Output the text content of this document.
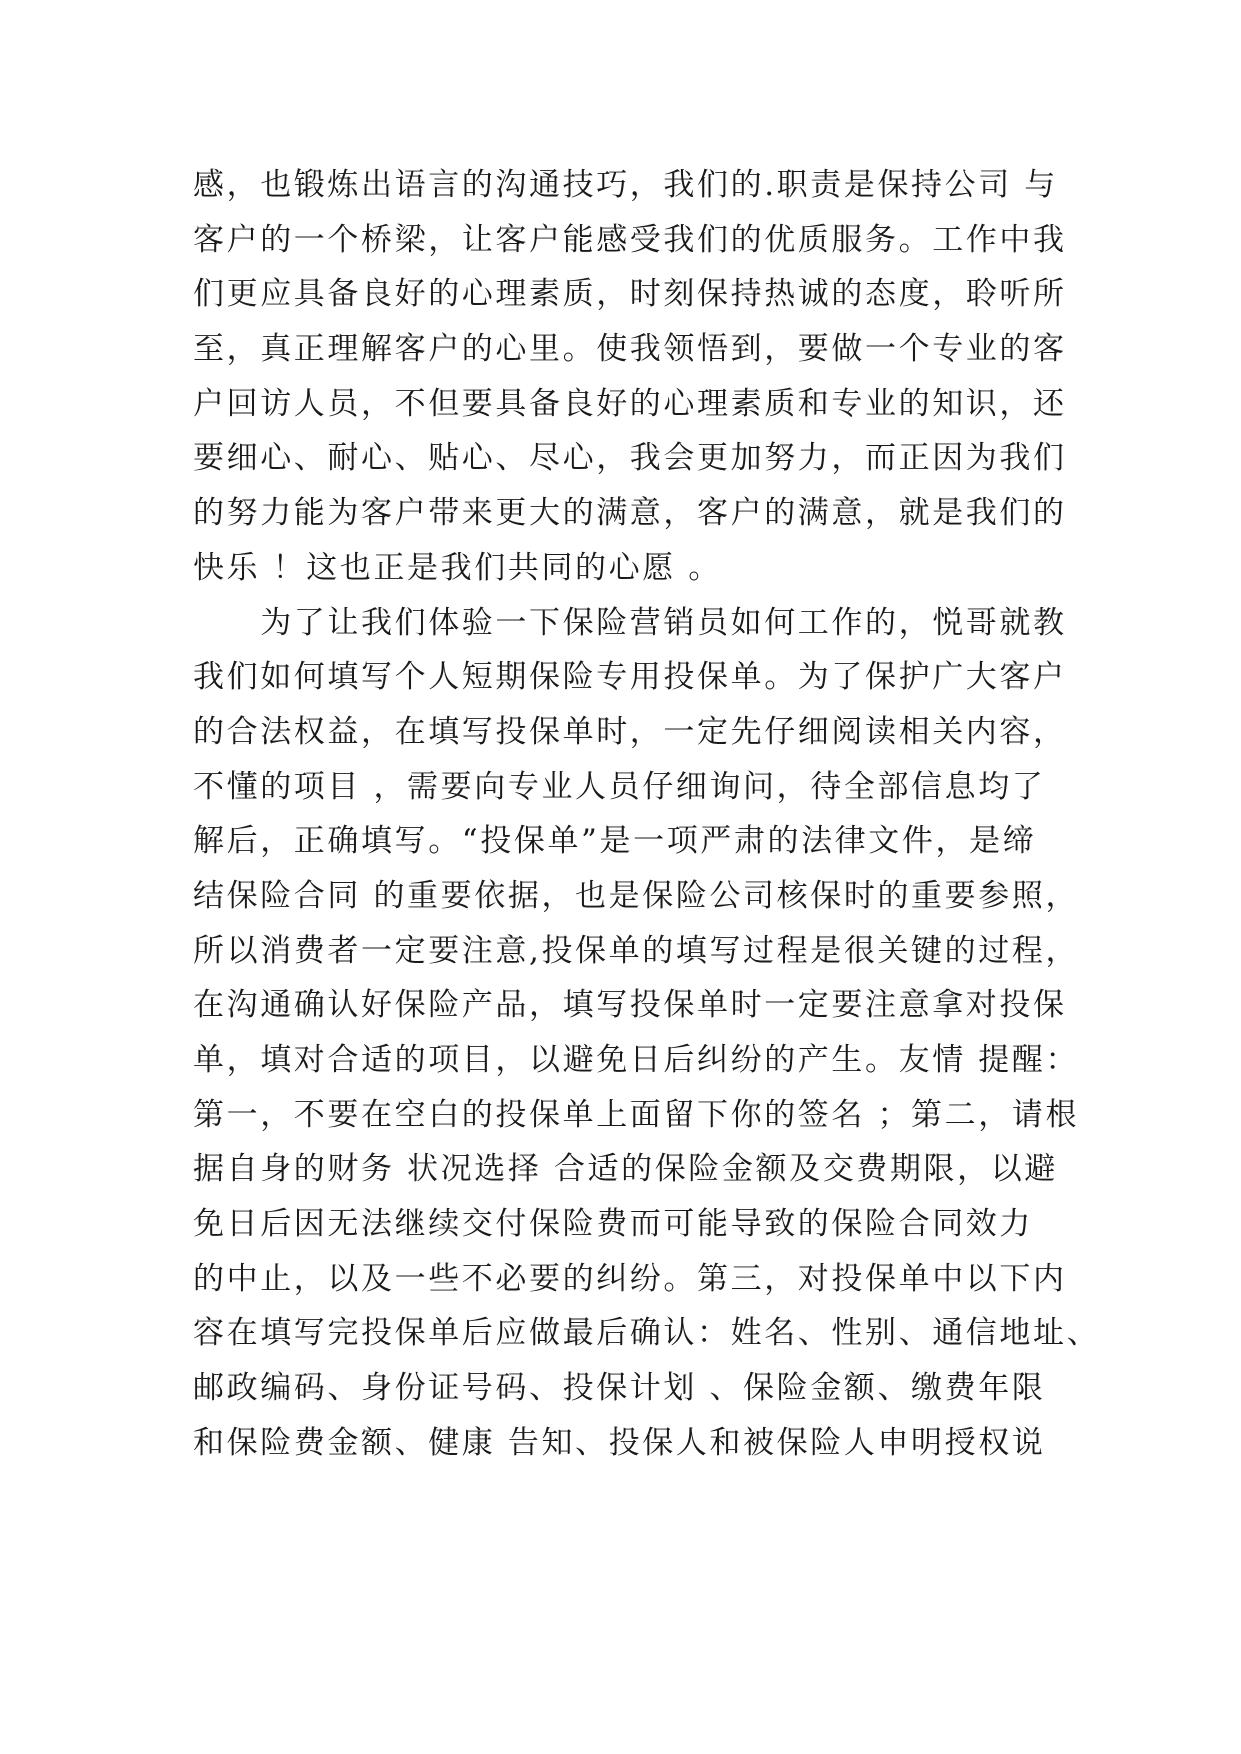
感，也锻炼出语言的沟通技巧，我们的.职责是保持公司 与
客户的一个桥梁，让客户能感受我们的优质服务。工作中我
们更应具备良好的心理素质，时刻保持热诚的态度，聆听所
至，真正理解客户的心里。使我领悟到，要做一个专业的客
户回访人员，不但要具备良好的心理素质和专业的知识，还
要细心、耐心、贴心、尽心，我会更加努力，而正因为我们
的努力能为客户带来更大的满意，客户的满意，就是我们的
快乐 ！这也正是我们共同的心愿 。
　　为了让我们体验一下保险营销员如何工作的，悦哥就教
我们如何填写个人短期保险专用投保单。为了保护广大客户
的合法权益，在填写投保单时，一定先仔细阅读相关内容，
不懂的项目 ，需要向专业人员仔细询问，待全部信息均了
解后，正确填写。“投保单”是一项严肃的法律文件，是缔
结保险合同 的重要依据，也是保险公司核保时的重要参照，
所以消费者一定要注意,投保单的填写过程是很关键的过程，
在沟通确认好保险产品，填写投保单时一定要注意拿对投保
单，填对合适的项目，以避免日后纠纷的产生。友情 提醒：
第一，不要在空白的投保单上面留下你的签名 ；第二，请根
据自身的财务 状况选择 合适的保险金额及交费期限，以避
免日后因无法继续交付保险费而可能导致的保险合同效力
的中止，以及一些不必要的纠纷。第三，对投保单中以下内
容在填写完投保单后应做最后确认：姓名、性别、通信地址、
邮政编码、身份证号码、投保计划 、保险金额、缴费年限
和保险费金额、健康 告知、投保人和被保险人申明授权说
